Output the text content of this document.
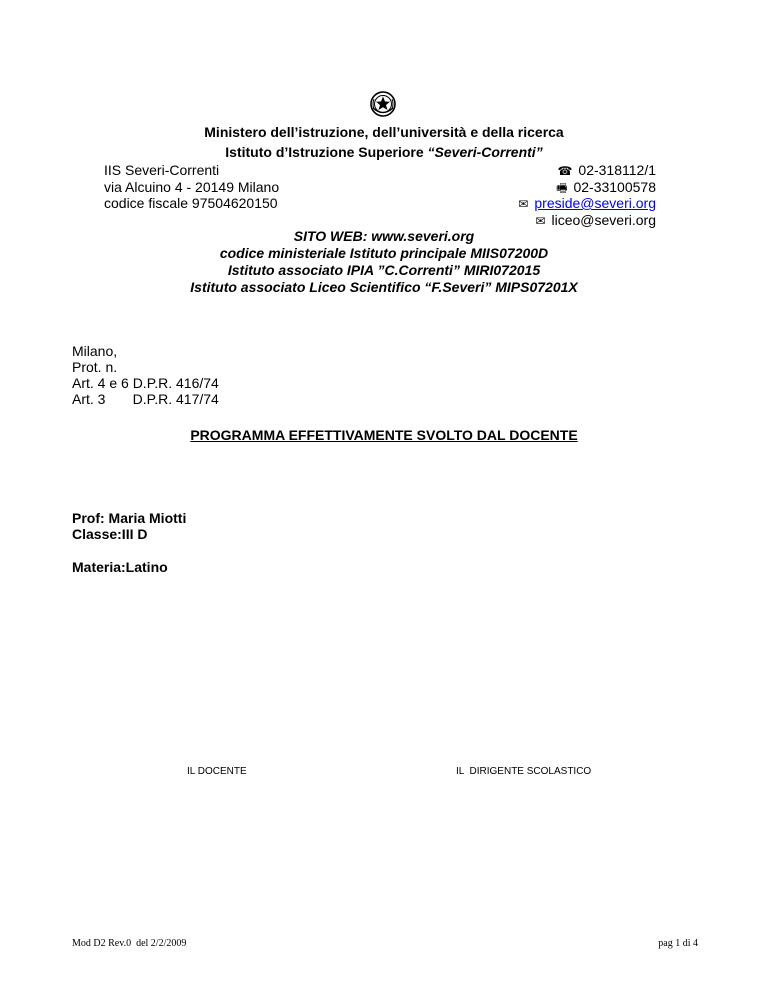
Ministero dell’istruzione, dell’università e della ricerca
Istituto d’Istruzione Superiore “Severi-Correnti”
IIS Severi-Correnti
via Alcuino 4 - 20149 Milano
codice fiscale 97504620150
☎ 02-318112/1
🖷 02-33100578
✉ preside@severi.org
✉ liceo@severi.org
SITO WEB: www.severi.org
codice ministeriale Istituto principale MIIS07200D
Istituto associato IPIA ”C.Correnti” MIRI072015
Istituto associato Liceo Scientifico “F.Severi” MIPS07201X
Milano,
Prot. n.
Art. 4 e 6 D.P.R. 416/74
Art. 3       D.P.R. 417/74
PROGRAMMA EFFETTIVAMENTE SVOLTO DAL DOCENTE
Prof: Maria Miotti
Classe:III D
Materia:Latino
IL DOCENTE	IL  DIRIGENTE SCOLASTICO
Mod D2 Rev.0  del 2/2/2009	pag 1 di 4
